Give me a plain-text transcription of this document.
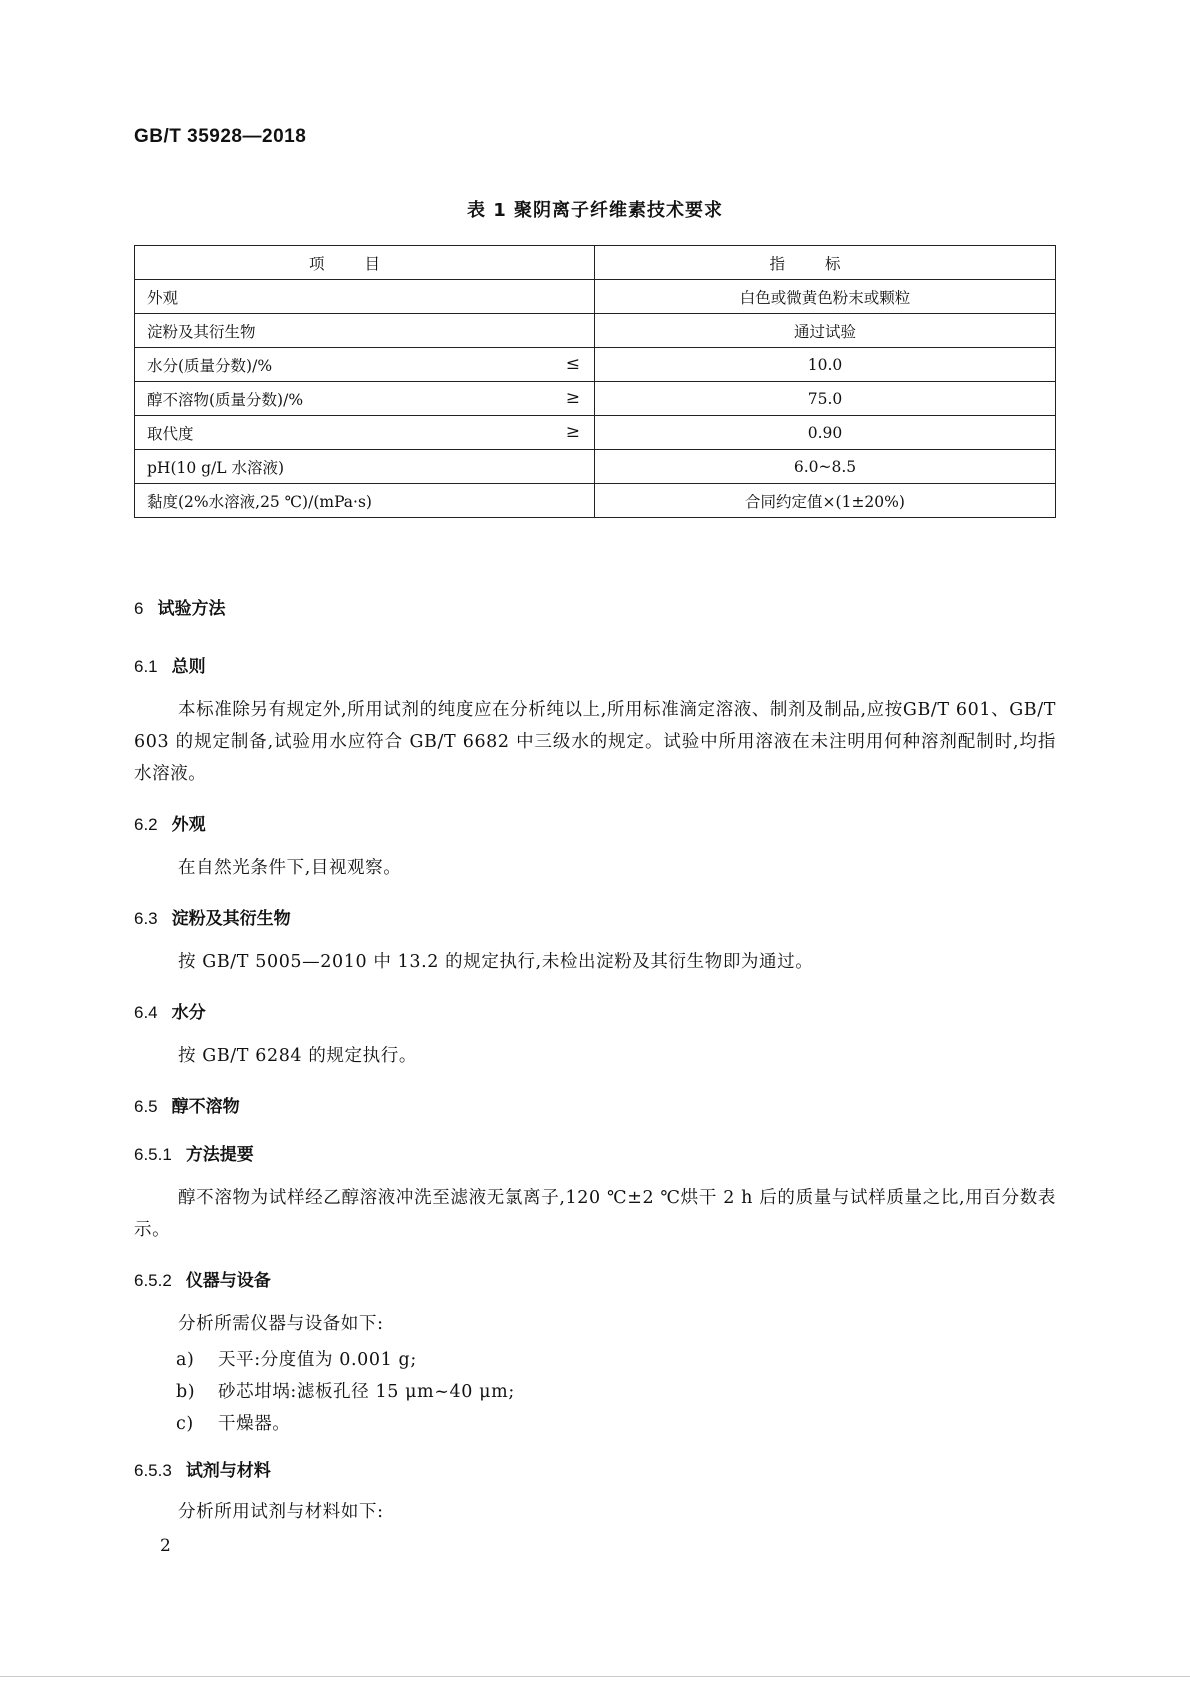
GB/T 35928—2018
表 1 聚阴离子纤维素技术要求
项目	指标
外观	白色或微黄色粉末或颗粒
淀粉及其衍生物	通过试验
水分(质量分数)/% ≤	10.0
醇不溶物(质量分数)/% ≥	75.0
取代度 ≥	0.90
pH(10 g/L 水溶液)	6.0~8.5
黏度(2%水溶液,25 ℃)/(mPa·s)	合同约定值×(1±20%)
6 试验方法
6.1 总则
本标准除另有规定外,所用试剂的纯度应在分析纯以上,所用标准滴定溶液、制剂及制品,应按GB/T 601、GB/T 603 的规定制备,试验用水应符合 GB/T 6682 中三级水的规定。试验中所用溶液在未注明用何种溶剂配制时,均指水溶液。
6.2 外观
在自然光条件下,目视观察。
6.3 淀粉及其衍生物
按 GB/T 5005—2010 中 13.2 的规定执行,未检出淀粉及其衍生物即为通过。
6.4 水分
按 GB/T 6284 的规定执行。
6.5 醇不溶物
6.5.1 方法提要
醇不溶物为试样经乙醇溶液冲洗至滤液无氯离子,120 ℃±2 ℃烘干 2 h 后的质量与试样质量之比,用百分数表示。
6.5.2 仪器与设备
分析所需仪器与设备如下:
a) 天平:分度值为 0.001 g;
b) 砂芯坩埚:滤板孔径 15 μm~40 μm;
c) 干燥器。
6.5.3 试剂与材料
分析所用试剂与材料如下:
2
